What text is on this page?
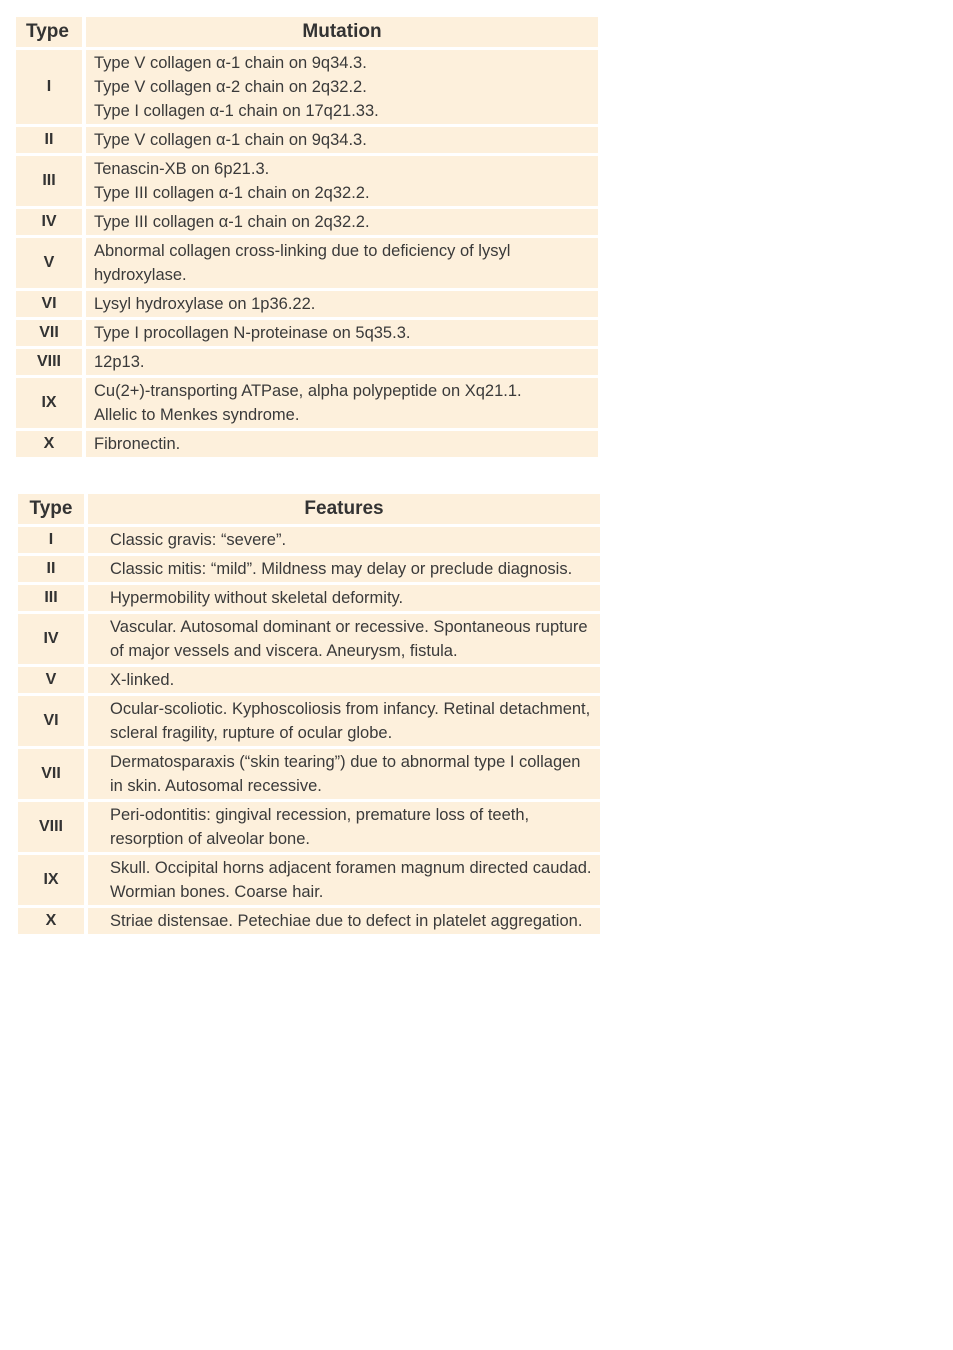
Type	Mutation
I	Type V collagen α-1 chain on 9q34.3.
Type V collagen α-2 chain on 2q32.2.
Type I collagen α-1 chain on 17q21.33.

II	Type V collagen α-1 chain on 9q34.3.

III	Tenascin-XB on 6p21.3.
Type III collagen α-1 chain on 2q32.2.

IV	Type III collagen α-1 chain on 2q32.2.

V	Abnormal collagen cross-linking due to deficiency of lysyl hydroxylase.

VI	Lysyl hydroxylase on 1p36.22.

VII	Type I procollagen N-proteinase on 5q35.3.

VIII	12p13.

IX	Cu(2+)-transporting ATPase, alpha polypeptide on Xq21.1.
Allelic to Menkes syndrome.

X	Fibronectin.
Type	Features
I	Classic gravis: “severe”.

II	Classic mitis: “mild”. Mildness may delay or preclude diagnosis.

III	Hypermobility without skeletal deformity.

IV	Vascular. Autosomal dominant or recessive. Spontaneous rupture of major vessels and viscera. Aneurysm, fistula.

V	X-linked.

VI	Ocular-scoliotic. Kyphoscoliosis from infancy. Retinal detachment, scleral fragility, rupture of ocular globe.

VII	Dermatosparaxis (“skin tearing”) due to abnormal type I collagen in skin. Autosomal recessive.

VIII	Peri-odontitis: gingival recession, premature loss of teeth, resorption of alveolar bone.

IX	Skull. Occipital horns adjacent foramen magnum directed caudad. Wormian bones. Coarse hair.

X	Striae distensae. Petechiae due to defect in platelet aggregation.
